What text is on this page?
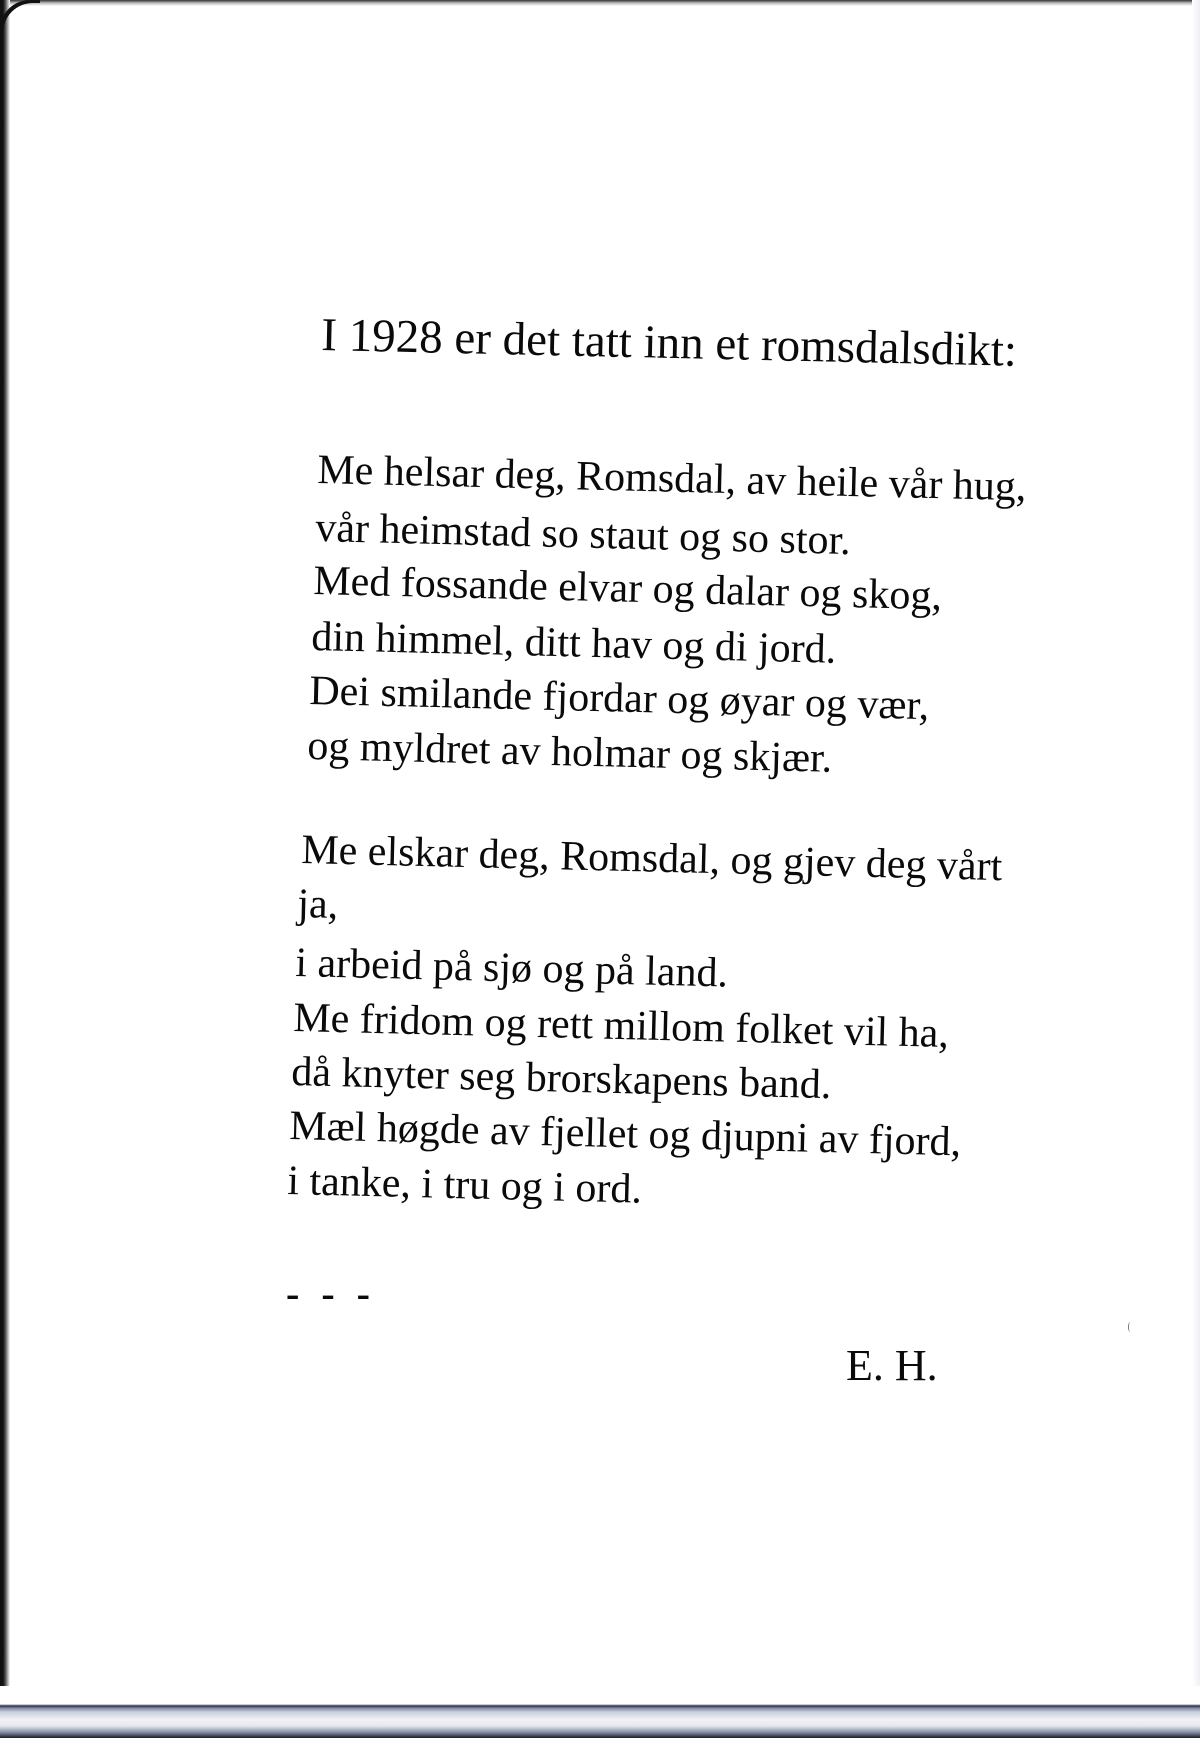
I 1928 er det tatt inn et romsdalsdikt:

Me helsar deg, Romsdal, av heile vår hug,

vår heimstad so staut og so stor.

Med fossande elvar og dalar og skog,

din himmel, ditt hav og di jord.

Dei smilande fjordar og øyar og vær,

og myldret av holmar og skjær.

Me elskar deg, Romsdal, og gjev deg vårt

ja,

i arbeid på sjø og på land.

Me fridom og rett millom folket vil ha,

då knyter seg brorskapens band.

Mæl høgde av fjellet og djupni av fjord,

i tanke, i tru og i ord.

- - -
E. H.
